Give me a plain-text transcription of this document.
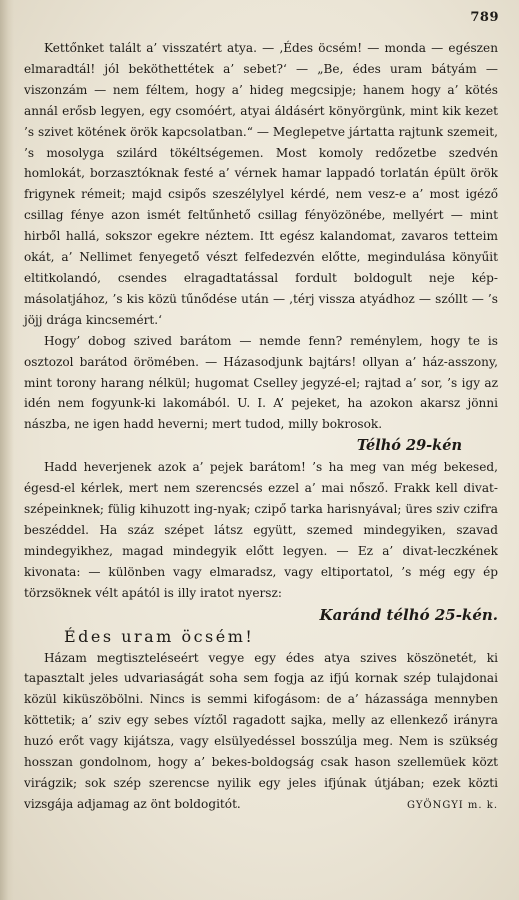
789

Kettőnket talált a’ visszatért atya. — ‚Édes öcsém! — monda — egészen elmaradtál! jól beköthettétek a’ sebet?‘ — „Be, édes uram bátyám — viszonzám — nem féltem, hogy a’ hideg megcsipje; hanem hogy a’ kötés annál erősb legyen, egy csomóért, atyai áldásért könyörgünk, mint kik kezet ’s szivet kötének örök kapcsolatban.“ — Meglepetve jártatta rajtunk szemeit, ’s mosolyga szilárd tökéltségemen. Most komoly redőzetbe szedvén homlokát, borzasztóknak festé a’ vérnek hamar lappadó torlatán épült örök frigynek rémeit; majd csipős szeszélylyel kérdé, nem vesz-e a’ most igéző csillag fénye azon ismét feltűnhető csillag fényözönébe, mellyért — mint hirből hallá, sokszor egekre néztem. Itt egész kalandomat, zavaros tetteim okát, a’ Nellimet fenyegető vészt felfedezvén előtte, megindulása könyűit eltitkolandó, csendes elragadtatással fordult boldogult neje kép-másolatjához, ’s kis közü tűnődése után — ‚térj vissza atyádhoz — szóllt — ’s jöjj drága kincsemért.‘

Hogy’ dobog szived barátom — nemde fenn? reménylem, hogy te is osztozol barátod örömében. — Házasodjunk bajtárs! ollyan a’ ház-asszony, mint torony harang nélkül; hugomat Cselley jegyzé-el; rajtad a’ sor, ’s igy az idén nem fogyunk-ki lakomából. U. I. A’ pejeket, ha azokon akarsz jönni nászba, ne igen hadd heverni; mert tudod, milly bokrosok.

Télhó 29-kén

Hadd heverjenek azok a’ pejek barátom! ’s ha meg van még bekesed, égesd-el kérlek, mert nem szerencsés ezzel a’ mai nősző. Frakk kell divat-szépeinknek; fülig kihuzott ing-nyak; czipő tarka harisnyával; üres sziv czifra beszéddel. Ha száz szépet látsz együtt, szemed mindegyiken, szavad mindegyikhez, magad mindegyik előtt legyen. — Ez a’ divat-leczkének kivonata: — különben vagy elmaradsz, vagy eltiportatol, ’s még egy ép törzsöknek vélt apától is illy iratot nyersz:

Karánd télhó 25-kén.
Édes uram öcsém!

Házam megtiszteléseért vegye egy édes atya szives köszönetét, ki tapasztalt jeles udvariaságát soha sem fogja az ifjú kornak szép tulajdonai közül kiküszöbölni. Nincs is semmi kifogásom: de a’ házassága mennyben köttetik; a’ sziv egy sebes víztől ragadott sajka, melly az ellenkező irányra huzó erőt vagy kijátsza, vagy elsülyedéssel bosszúlja meg. Nem is szükség hosszan gondolnom, hogy a’ bekes-boldogság csak hason szellemüek közt virágzik; sok szép szerencse nyilik egy jeles ifjúnak útjában; ezek közti vizsgája adjamag az önt boldogitót.	GYÖNGYI m. k.
